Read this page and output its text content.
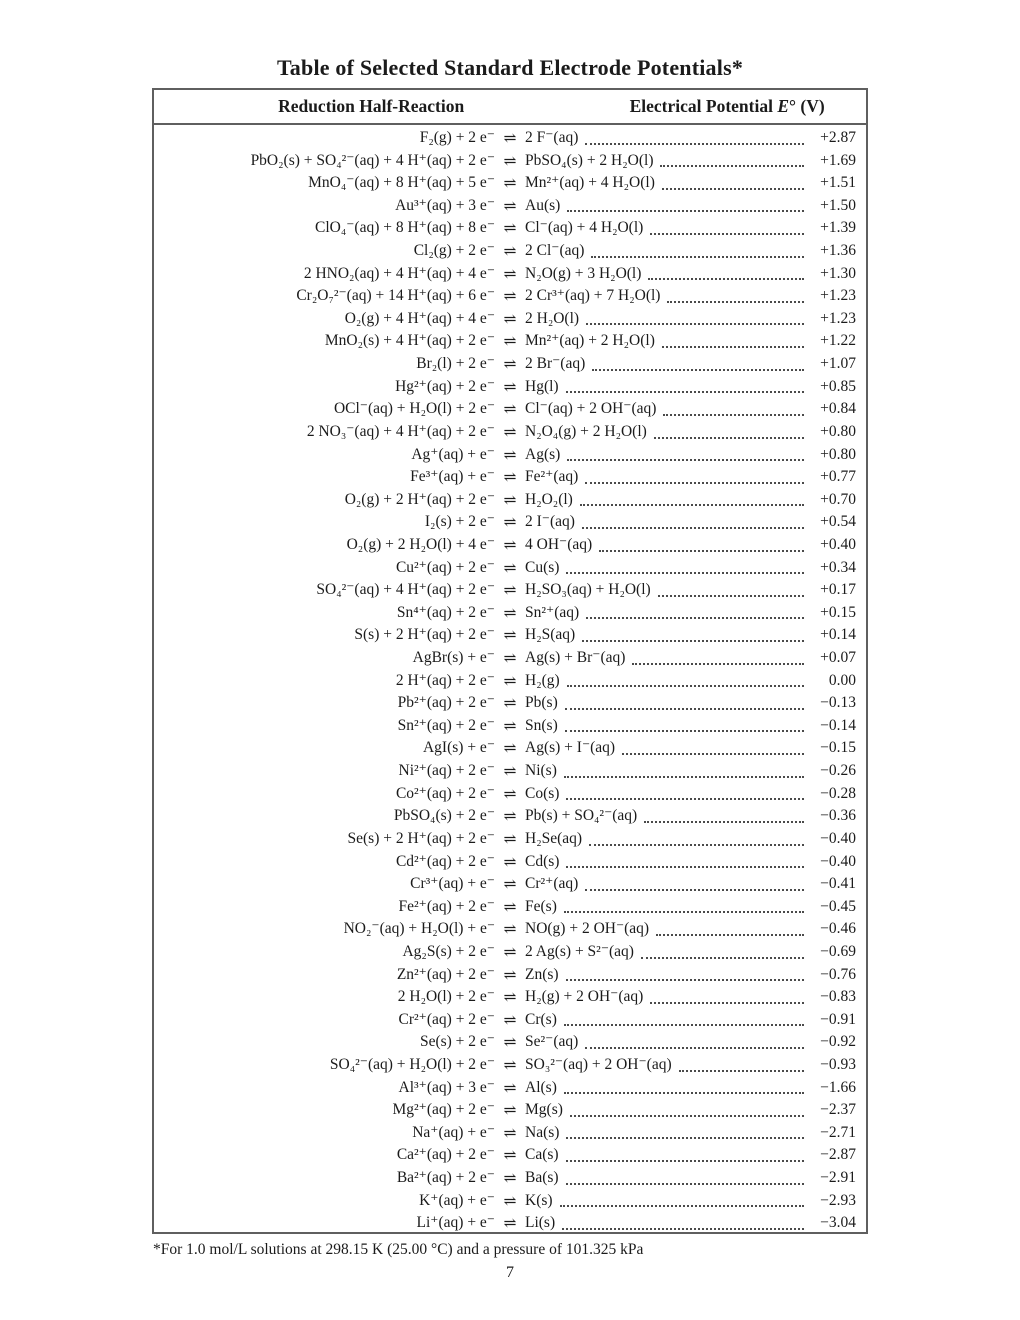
Table of Selected Standard Electrode Potentials*
Reduction Half-Reaction	Electrical Potential E° (V)
F₂(g) + 2 e⁻ ⇌ 2 F⁻(aq)	+2.87
PbO₂(s) + SO₄²⁻(aq) + 4 H⁺(aq) + 2 e⁻ ⇌ PbSO₄(s) + 2 H₂O(l)	+1.69
MnO₄⁻(aq) + 8 H⁺(aq) + 5 e⁻ ⇌ Mn²⁺(aq) + 4 H₂O(l)	+1.51
Au³⁺(aq) + 3 e⁻ ⇌ Au(s)	+1.50
ClO₄⁻(aq) + 8 H⁺(aq) + 8 e⁻ ⇌ Cl⁻(aq) + 4 H₂O(l)	+1.39
Cl₂(g) + 2 e⁻ ⇌ 2 Cl⁻(aq)	+1.36
2 HNO₂(aq) + 4 H⁺(aq) + 4 e⁻ ⇌ N₂O(g) + 3 H₂O(l)	+1.30
Cr₂O₇²⁻(aq) + 14 H⁺(aq) + 6 e⁻ ⇌ 2 Cr³⁺(aq) + 7 H₂O(l)	+1.23
O₂(g) + 4 H⁺(aq) + 4 e⁻ ⇌ 2 H₂O(l)	+1.23
MnO₂(s) + 4 H⁺(aq) + 2 e⁻ ⇌ Mn²⁺(aq) + 2 H₂O(l)	+1.22
Br₂(l) + 2 e⁻ ⇌ 2 Br⁻(aq)	+1.07
Hg²⁺(aq) + 2 e⁻ ⇌ Hg(l)	+0.85
OCl⁻(aq) + H₂O(l) + 2 e⁻ ⇌ Cl⁻(aq) + 2 OH⁻(aq)	+0.84
2 NO₃⁻(aq) + 4 H⁺(aq) + 2 e⁻ ⇌ N₂O₄(g) + 2 H₂O(l)	+0.80
Ag⁺(aq) + e⁻ ⇌ Ag(s)	+0.80
Fe³⁺(aq) + e⁻ ⇌ Fe²⁺(aq)	+0.77
O₂(g) + 2 H⁺(aq) + 2 e⁻ ⇌ H₂O₂(l)	+0.70
I₂(s) + 2 e⁻ ⇌ 2 I⁻(aq)	+0.54
O₂(g) + 2 H₂O(l) + 4 e⁻ ⇌ 4 OH⁻(aq)	+0.40
Cu²⁺(aq) + 2 e⁻ ⇌ Cu(s)	+0.34
SO₄²⁻(aq) + 4 H⁺(aq) + 2 e⁻ ⇌ H₂SO₃(aq) + H₂O(l)	+0.17
Sn⁴⁺(aq) + 2 e⁻ ⇌ Sn²⁺(aq)	+0.15
S(s) + 2 H⁺(aq) + 2 e⁻ ⇌ H₂S(aq)	+0.14
AgBr(s) + e⁻ ⇌ Ag(s) + Br⁻(aq)	+0.07
2 H⁺(aq) + 2 e⁻ ⇌ H₂(g)	0.00
Pb²⁺(aq) + 2 e⁻ ⇌ Pb(s)	−0.13
Sn²⁺(aq) + 2 e⁻ ⇌ Sn(s)	−0.14
AgI(s) + e⁻ ⇌ Ag(s) + I⁻(aq)	−0.15
Ni²⁺(aq) + 2 e⁻ ⇌ Ni(s)	−0.26
Co²⁺(aq) + 2 e⁻ ⇌ Co(s)	−0.28
PbSO₄(s) + 2 e⁻ ⇌ Pb(s) + SO₄²⁻(aq)	−0.36
Se(s) + 2 H⁺(aq) + 2 e⁻ ⇌ H₂Se(aq)	−0.40
Cd²⁺(aq) + 2 e⁻ ⇌ Cd(s)	−0.40
Cr³⁺(aq) + e⁻ ⇌ Cr²⁺(aq)	−0.41
Fe²⁺(aq) + 2 e⁻ ⇌ Fe(s)	−0.45
NO₂⁻(aq) + H₂O(l) + e⁻ ⇌ NO(g) + 2 OH⁻(aq)	−0.46
Ag₂S(s) + 2 e⁻ ⇌ 2 Ag(s) + S²⁻(aq)	−0.69
Zn²⁺(aq) + 2 e⁻ ⇌ Zn(s)	−0.76
2 H₂O(l) + 2 e⁻ ⇌ H₂(g) + 2 OH⁻(aq)	−0.83
Cr²⁺(aq) + 2 e⁻ ⇌ Cr(s)	−0.91
Se(s) + 2 e⁻ ⇌ Se²⁻(aq)	−0.92
SO₄²⁻(aq) + H₂O(l) + 2 e⁻ ⇌ SO₃²⁻(aq) + 2 OH⁻(aq)	−0.93
Al³⁺(aq) + 3 e⁻ ⇌ Al(s)	−1.66
Mg²⁺(aq) + 2 e⁻ ⇌ Mg(s)	−2.37
Na⁺(aq) + e⁻ ⇌ Na(s)	−2.71
Ca²⁺(aq) + 2 e⁻ ⇌ Ca(s)	−2.87
Ba²⁺(aq) + 2 e⁻ ⇌ Ba(s)	−2.91
K⁺(aq) + e⁻ ⇌ K(s)	−2.93
Li⁺(aq) + e⁻ ⇌ Li(s)	−3.04
*For 1.0 mol/L solutions at 298.15 K (25.00 °C) and a pressure of 101.325 kPa
7
